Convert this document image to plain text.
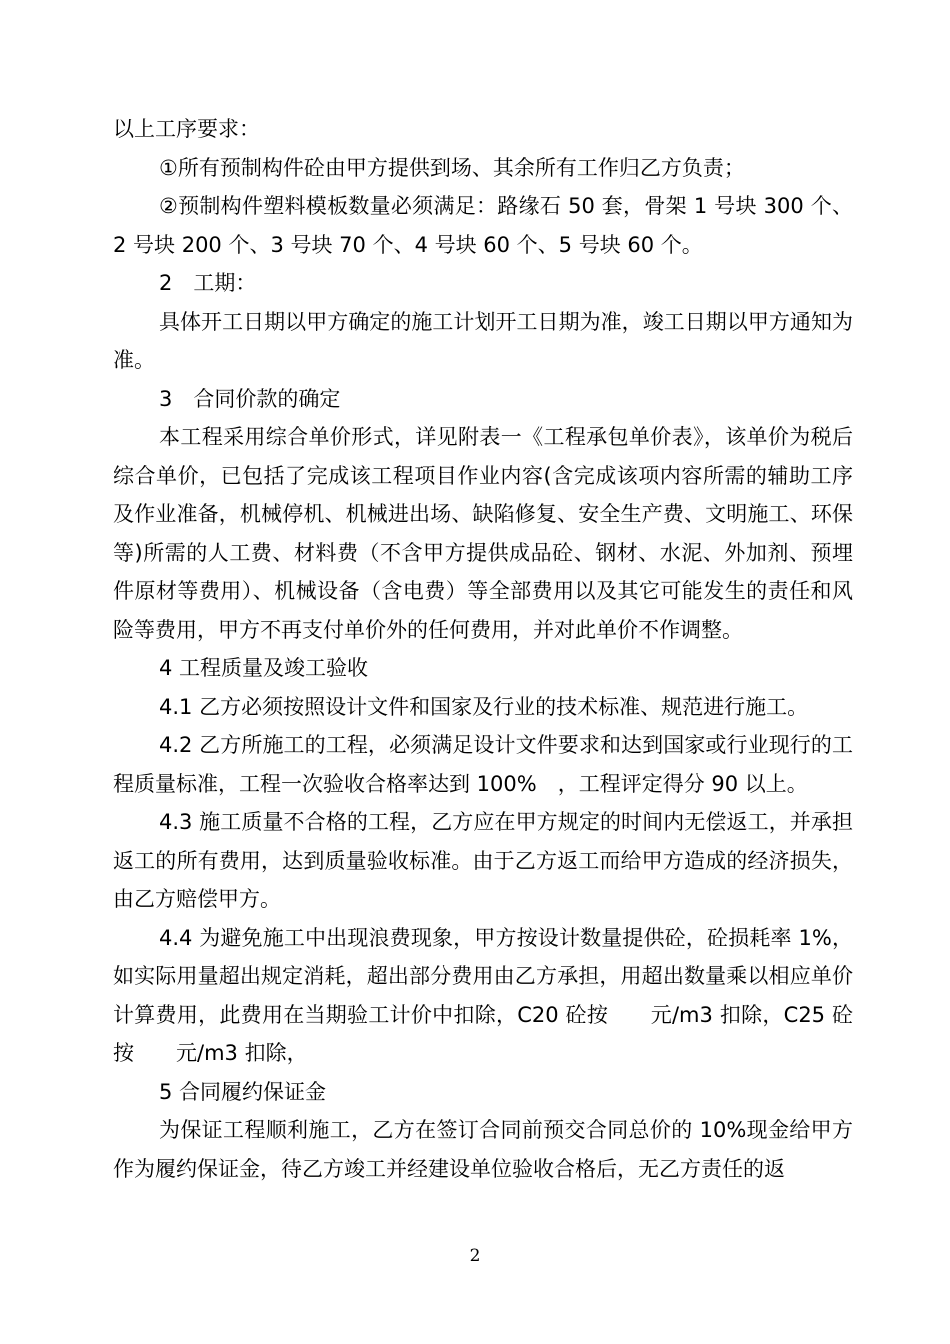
以上工序要求：

①所有预制构件砼由甲方提供到场、其余所有工作归乙方负责；

②预制构件塑料模板数量必须满足：路缘石 50 套，骨架 1 号块 300 个、2 号块 200 个、3 号块 70 个、4 号块 60 个、5 号块 60 个。

2　工期：

具体开工日期以甲方确定的施工计划开工日期为准，竣工日期以甲方通知为准。

3　合同价款的确定

本工程采用综合单价形式，详见附表一《工程承包单价表》，该单价为税后综合单价，已包括了完成该工程项目作业内容(含完成该项内容所需的辅助工序及作业准备，机械停机、机械进出场、缺陷修复、安全生产费、文明施工、环保等)所需的人工费、材料费（不含甲方提供成品砼、钢材、水泥、外加剂、预埋件原材等费用）、机械设备（含电费）等全部费用以及其它可能发生的责任和风险等费用，甲方不再支付单价外的任何费用，并对此单价不作调整。

4 工程质量及竣工验收

4.1 乙方必须按照设计文件和国家及行业的技术标准、规范进行施工。

4.2 乙方所施工的工程，必须满足设计文件要求和达到国家或行业现行的工程质量标准，工程一次验收合格率达到 100%　，工程评定得分 90 以上。

4.3 施工质量不合格的工程，乙方应在甲方规定的时间内无偿返工，并承担返工的所有费用，达到质量验收标准。由于乙方返工而给甲方造成的经济损失，由乙方赔偿甲方。

4.4 为避免施工中出现浪费现象，甲方按设计数量提供砼，砼损耗率 1%，如实际用量超出规定消耗，超出部分费用由乙方承担，用超出数量乘以相应单价计算费用，此费用在当期验工计价中扣除，C20 砼按　　元/m3 扣除，C25 砼按　　元/m3 扣除，

5 合同履约保证金

为保证工程顺利施工，乙方在签订合同前预交合同总价的 10%现金给甲方作为履约保证金，待乙方竣工并经建设单位验收合格后，无乙方责任的返

2
